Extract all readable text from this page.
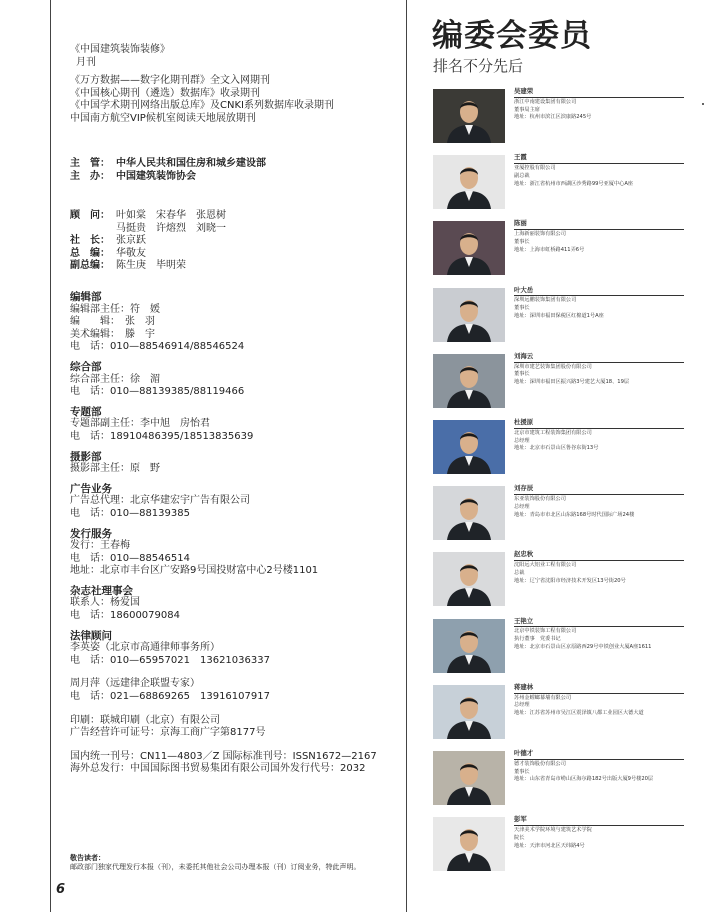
《中国建筑装饰装修》
月刊
《万方数据——数字化期刊群》全文入网期刊
《中国核心期刊（遴选）数据库》收录期刊
《中国学术期刊网络出版总库》及CNKI系列数据库收录期刊
中国南方航空VIP候机室阅读天地展放期刊
主　管： 中华人民共和国住房和城乡建设部
主　办： 中国建筑装饰协会
顾　问： 叶如棠　宋春华　张恩树
马挺贵　许熔烈　刘晓一
社　长： 张京跃
总　编： 华敬友
副总编： 陈生庚　毕明荣
编辑部
编辑部主任：符　媛
编　　辑：　张　羽
美术编辑：　滕　宇
电　话：010—88546914/88546524
综合部
综合部主任：徐　湄
电　话：010—88139385/88119466
专题部
专题部副主任：李中旭　房怡君
电　话：18910486395/18513835639
摄影部
摄影部主任：原　野
广告业务
广告总代理：北京华建宏宇广告有限公司
电　话：010—88139385
发行服务
发行：王春梅
电　话：010—88546514
地址：北京市丰台区广安路9号国投财富中心2号楼1101
杂志社理事会
联系人：杨爱国
电　话：18600079084
法律顾问
李英姿（北京市高通律师事务所）
电　话：010—65957021　13621036337
周月萍（远建律企联盟专家）
电　话：021—68869265　13916107917
印刷：联城印刷（北京）有限公司
广告经营许可证号：京海工商广字第8177号
国内统一刊号：CN11—4803／Z 国际标准刊号：ISSN1672—2167
海外总发行：中国国际图书贸易集团有限公司国外发行代号：2032
敬告读者：
邮政部门独家代理发行本报（刊），未委托其他社会公司办理本报（刊）订阅业务，特此声明。
6
编委会委员
排名不分先后
吴建荣
浙江中南建设集团有限公司
董事局主席
地址：杭州市滨江区滨康路245号
王霞
亚厦控股有限公司
副总裁
地址：浙江省杭州市西湖区沙秀路99号亚厦中心A座
陈丽
上海新丽装饰有限公司
董事长
地址：上海市虹桥路411弄6号
叶大岳
深圳远鹏装饰集团有限公司
董事长
地址：深圳市福田保税区红棉道1号A座
刘海云
深圳市建艺装饰集团股份有限公司
董事长
地址：深圳市福田区振兴路3号建艺大厦18、19层
杜援原
北京市建筑工程装饰集团有限公司
总经理
地址：北京市石景山区鲁谷东街13号
刘存辰
东亚装饰股份有限公司
总经理
地址：青岛市市北区山东路168号时代国际广场24楼
赵忠秋
沈阳远大铝业工程有限公司
总裁
地址：辽宁省沈阳市经济技术开发区13号街20号
王艳立
北京中铁装饰工程有限公司
执行董事　党委书记
地址：北京市石景山区京原路西29号中铁创业大厦A座1611
蒋建林
苏州金螳螂幕墙有限公司
总经理
地址：江苏省苏州市吴江区震泽镇八都工业园区大德大道
叶德才
德才装饰股份有限公司
董事长
地址：山东省青岛市崂山区海尔路182号出版大厦9号楼20层
彭军
天津美术学院环境与建筑艺术学院
院长
地址：天津市河北区天纬路4号
